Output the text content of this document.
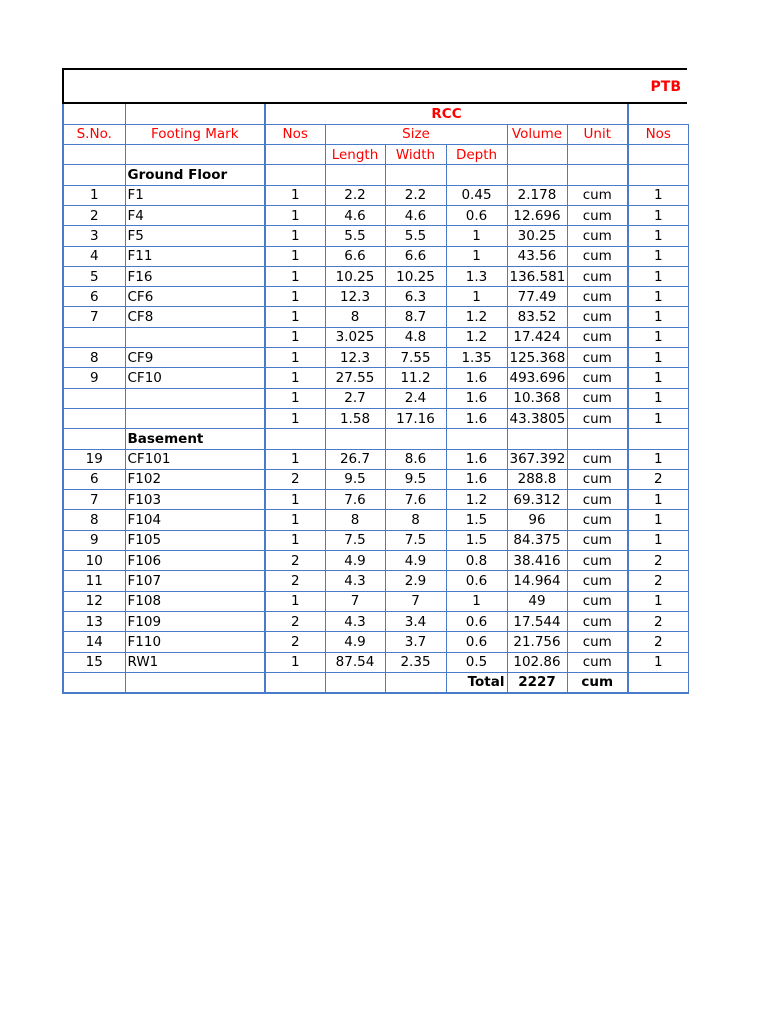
PTB
		RCC						
S.No.	Footing Mark	Nos	Size			Volume	Unit	Nos
			Length	Width	Depth			
	Ground Floor							
1	F1	1	2.2	2.2	0.45	2.178	cum	1
2	F4	1	4.6	4.6	0.6	12.696	cum	1
3	F5	1	5.5	5.5	1	30.25	cum	1
4	F11	1	6.6	6.6	1	43.56	cum	1
5	F16	1	10.25	10.25	1.3	136.581	cum	1
6	CF6	1	12.3	6.3	1	77.49	cum	1
7	CF8	1	8	8.7	1.2	83.52	cum	1
		1	3.025	4.8	1.2	17.424	cum	1
8	CF9	1	12.3	7.55	1.35	125.368	cum	1
9	CF10	1	27.55	11.2	1.6	493.696	cum	1
		1	2.7	2.4	1.6	10.368	cum	1
		1	1.58	17.16	1.6	43.3805	cum	1
	Basement							
19	CF101	1	26.7	8.6	1.6	367.392	cum	1
6	F102	2	9.5	9.5	1.6	288.8	cum	2
7	F103	1	7.6	7.6	1.2	69.312	cum	1
8	F104	1	8	8	1.5	96	cum	1
9	F105	1	7.5	7.5	1.5	84.375	cum	1
10	F106	2	4.9	4.9	0.8	38.416	cum	2
11	F107	2	4.3	2.9	0.6	14.964	cum	2
12	F108	1	7	7	1	49	cum	1
13	F109	2	4.3	3.4	0.6	17.544	cum	2
14	F110	2	4.9	3.7	0.6	21.756	cum	2
15	RW1	1	87.54	2.35	0.5	102.86	cum	1
					Total	2227	cum	
